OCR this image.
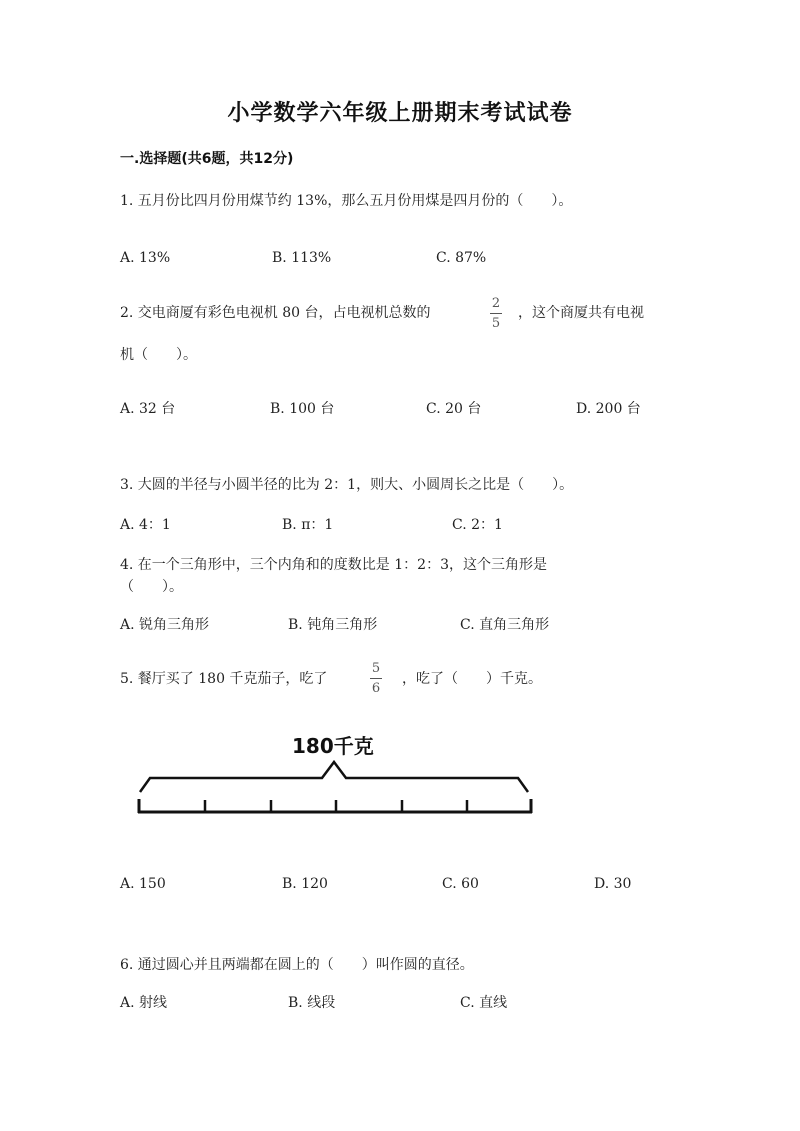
小学数学六年级上册期末考试试卷
一.选择题(共6题，共12分)
1. 五月份比四月份用煤节约 13%，那么五月份用煤是四月份的（　　）。
A. 13%	B. 113%	C. 87%
2. 交电商厦有彩色电视机 80 台，占电视机总数的
2
5
，这个商厦共有电视
机（　　）。
A. 32 台	B. 100 台	C. 20 台	D. 200 台
3. 大圆的半径与小圆半径的比为 2：1，则大、小圆周长之比是（　　）。
A. 4：1	B. π：1	C. 2：1
4. 在一个三角形中，三个内角和的度数比是 1：2：3，这个三角形是
（　　）。
A. 锐角三角形	B. 钝角三角形	C. 直角三角形
5. 餐厅买了 180 千克茄子，吃了
5
6
，吃了（　　）千克。
180千克
A. 150	B. 120	C. 60	D. 30
6. 通过圆心并且两端都在圆上的（　　）叫作圆的直径。
A. 射线	B. 线段	C. 直线
